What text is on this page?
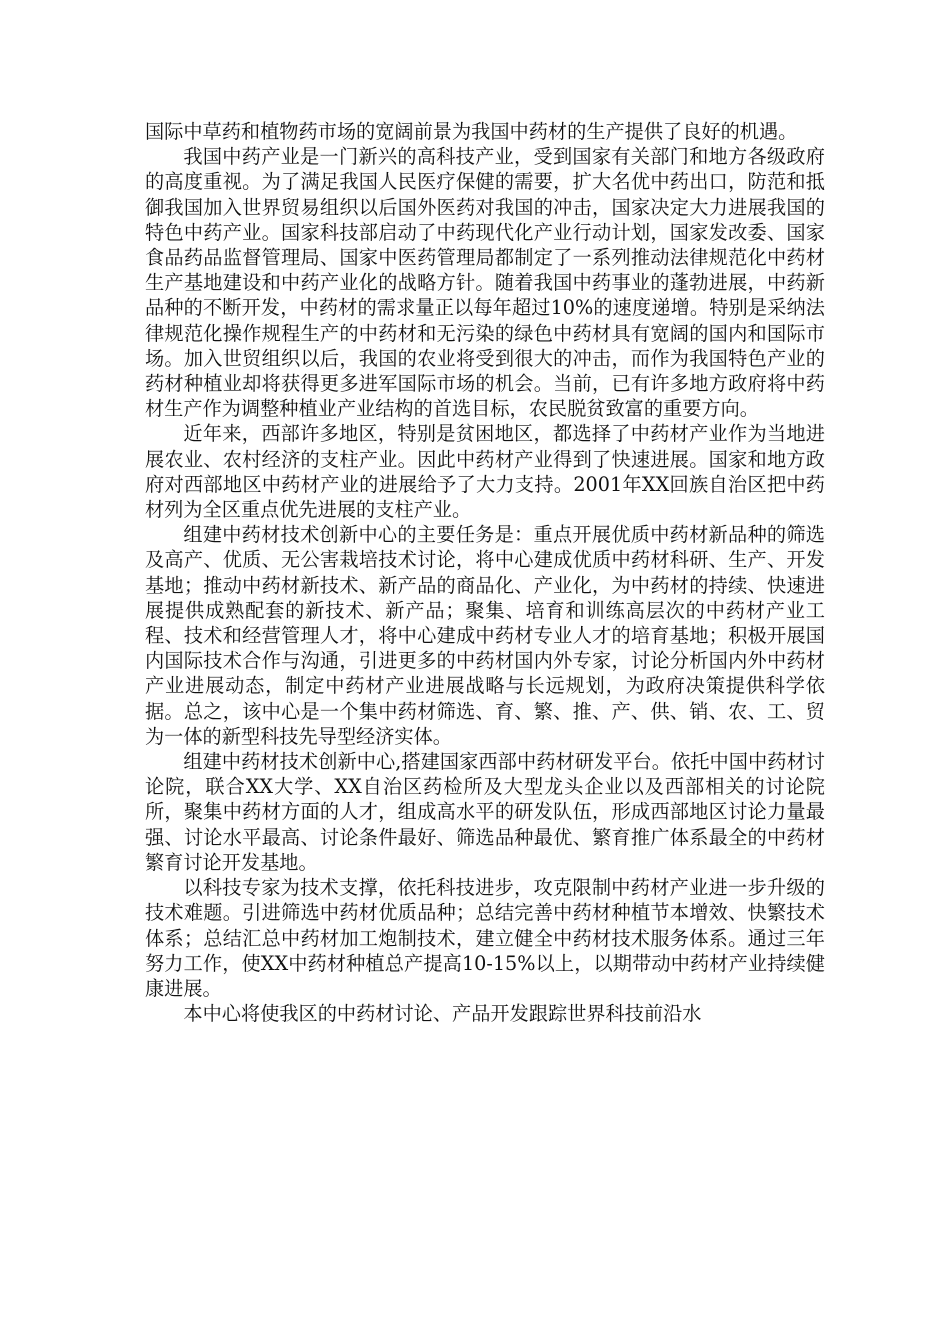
国际中草药和植物药市场的宽阔前景为我国中药材的生产提供了良好的机遇。

我国中药产业是一门新兴的高科技产业，受到国家有关部门和地方各级政府的高度重视。为了满足我国人民医疗保健的需要，扩大名优中药出口，防范和抵御我国加入世界贸易组织以后国外医药对我国的冲击，国家决定大力进展我国的特色中药产业。国家科技部启动了中药现代化产业行动计划，国家发改委、国家食品药品监督管理局、国家中医药管理局都制定了一系列推动法律规范化中药材生产基地建设和中药产业化的战略方针。随着我国中药事业的蓬勃进展，中药新品种的不断开发，中药材的需求量正以每年超过10%的速度递增。特别是采纳法律规范化操作规程生产的中药材和无污染的绿色中药材具有宽阔的国内和国际市场。加入世贸组织以后，我国的农业将受到很大的冲击，而作为我国特色产业的药材种植业却将获得更多进军国际市场的机会。当前，已有许多地方政府将中药材生产作为调整种植业产业结构的首选目标，农民脱贫致富的重要方向。

近年来，西部许多地区，特别是贫困地区，都选择了中药材产业作为当地进展农业、农村经济的支柱产业。因此中药材产业得到了快速进展。国家和地方政府对西部地区中药材产业的进展给予了大力支持。2001年XX回族自治区把中药材列为全区重点优先进展的支柱产业。

组建中药材技术创新中心的主要任务是：重点开展优质中药材新品种的筛选及高产、优质、无公害栽培技术讨论，将中心建成优质中药材科研、生产、开发基地；推动中药材新技术、新产品的商品化、产业化，为中药材的持续、快速进展提供成熟配套的新技术、新产品；聚集、培育和训练高层次的中药材产业工程、技术和经营管理人才，将中心建成中药材专业人才的培育基地；积极开展国内国际技术合作与沟通，引进更多的中药材国内外专家，讨论分析国内外中药材产业进展动态，制定中药材产业进展战略与长远规划，为政府决策提供科学依据。总之，该中心是一个集中药材筛选、育、繁、推、产、供、销、农、工、贸为一体的新型科技先导型经济实体。

组建中药材技术创新中心,搭建国家西部中药材研发平台。依托中国中药材讨论院，联合XX大学、XX自治区药检所及大型龙头企业以及西部相关的讨论院所，聚集中药材方面的人才，组成高水平的研发队伍，形成西部地区讨论力量最强、讨论水平最高、讨论条件最好、筛选品种最优、繁育推广体系最全的中药材繁育讨论开发基地。

以科技专家为技术支撑，依托科技进步，攻克限制中药材产业进一步升级的技术难题。引进筛选中药材优质品种；总结完善中药材种植节本增效、快繁技术体系；总结汇总中药材加工炮制技术，建立健全中药材技术服务体系。通过三年努力工作，使XX中药材种植总产提高10-15%以上，以期带动中药材产业持续健康进展。

本中心将使我区的中药材讨论、产品开发跟踪世界科技前沿水
